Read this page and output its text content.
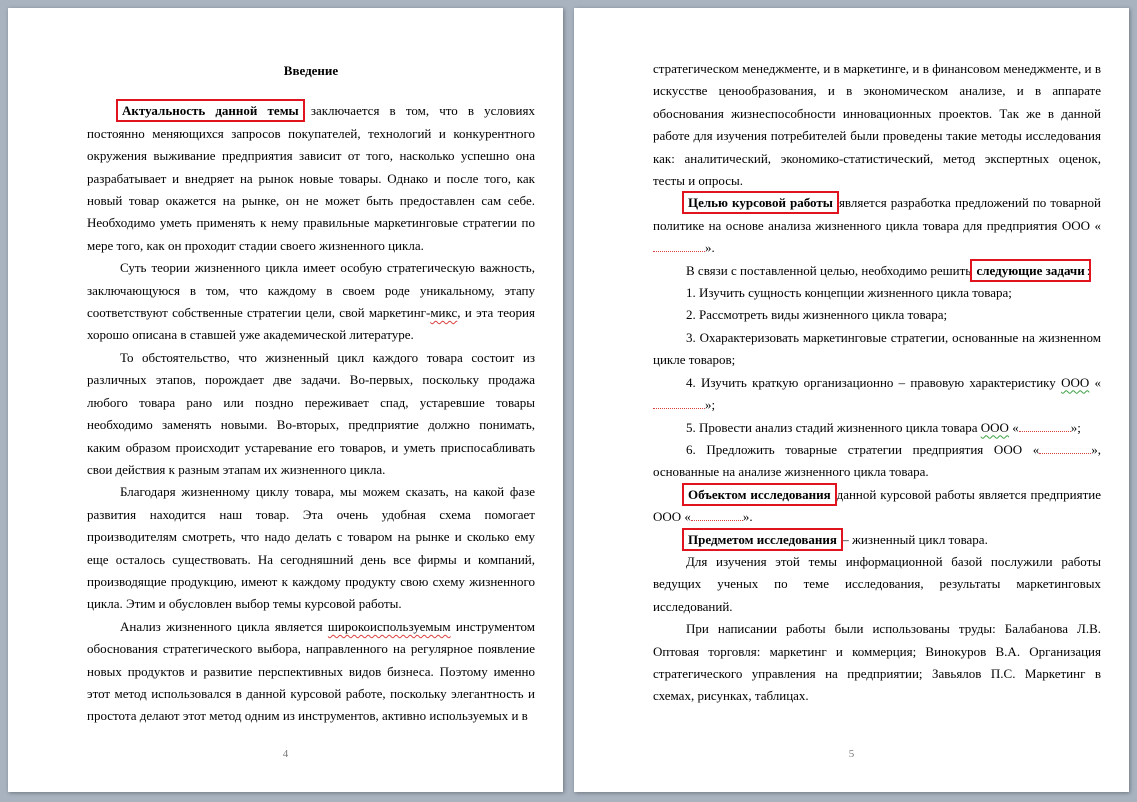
Введение

Актуальность данной темы заключается в том, что в условиях постоянно меняющихся запросов покупателей, технологий и конкурентного окружения выживание предприятия зависит от того, насколько успешно она разрабатывает и внедряет на рынок новые товары. Однако и после того, как новый товар окажется на рынке, он не может быть предоставлен сам себе. Необходимо уметь применять к нему правильные маркетинговые стратегии по мере того, как он проходит стадии своего жизненного цикла.

Суть теории жизненного цикла имеет особую стратегическую важность, заключающуюся в том, что каждому в своем роде уникальному, этапу соответствуют собственные стратегии цели, свой маркетинг-микс, и эта теория хорошо описана в ставшей уже академической литературе.

То обстоятельство, что жизненный цикл каждого товара состоит из различных этапов, порождает две задачи. Во-первых, поскольку продажа любого товара рано или поздно переживает спад, устаревшие товары необходимо заменять новыми. Во-вторых, предприятие должно понимать, каким образом происходит устаревание его товаров, и уметь приспосабливать свои действия к разным этапам их жизненного цикла.

Благодаря жизненному циклу товара, мы можем сказать, на какой фазе развития находится наш товар. Эта очень удобная схема помогает производителям смотреть, что надо делать с товаром на рынке и сколько ему еще осталось существовать. На сегодняшний день все фирмы и компаний, производящие продукцию, имеют к каждому продукту свою схему жизненного цикла. Этим и обусловлен выбор темы курсовой работы.

Анализ жизненного цикла является широкоиспользуемым инструментом обоснования стратегического выбора, направленного на регулярное появление новых продуктов и развитие перспективных видов бизнеса. Поэтому именно этот метод использовался в данной курсовой работе, поскольку элегантность и простота делают этот метод одним из инструментов, активно используемых и в

4

стратегическом менеджменте, и в маркетинге, и в финансовом менеджменте, и в искусстве ценообразования, и в экономическом анализе, и в аппарате обоснования жизнеспособности инновационных проектов. Так же в данной работе для изучения потребителей были проведены такие методы исследования как: аналитический, экономико-статистический, метод экспертных оценок, тесты и опросы.

Целью курсовой работы является разработка предложений по товарной политике на основе анализа жизненного цикла товара для предприятия ООО «».

В связи с поставленной целью, необходимо решить следующие задачи :

1. Изучить сущность концепции жизненного цикла товара;

2. Рассмотреть виды жизненного цикла товара;

3. Охарактеризовать маркетинговые стратегии, основанные на жизненном цикле товаров;

4. Изучить краткую организационно – правовую характеристику ООО «»;

5. Провести анализ стадий жизненного цикла товара ООО «	»;

6. Предложить товарные стратегии предприятия ООО «	», основанные на анализе жизненного цикла товара.

Объектом исследования данной курсовой работы является предприятие ООО «	».

Предметом исследования – жизненный цикл товара.

Для изучения этой темы информационной базой послужили работы ведущих ученых по теме исследования, результаты маркетинговых исследований.

При написании работы были использованы труды: Балабанова Л.В. Оптовая торговля: маркетинг и коммерция; Винокуров В.А. Организация стратегического управления на предприятии; Завьялов П.С. Маркетинг в схемах, рисунках, таблицах.

5
